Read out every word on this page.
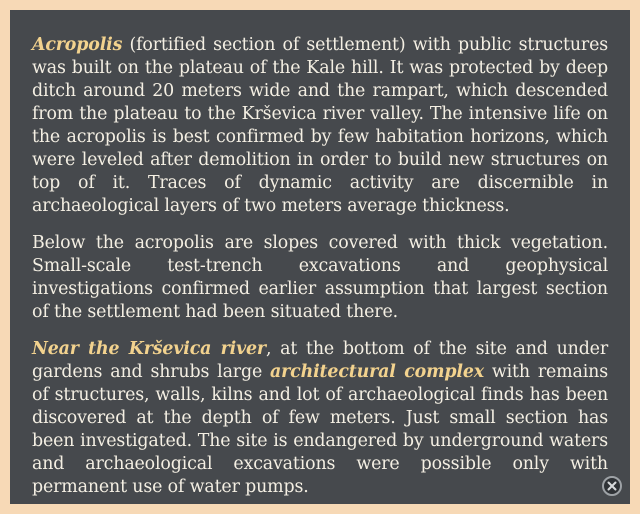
Acropolis (fortified section of settlement) with public structures was built on the plateau of the Kale hill. It was protected by deep ditch around 20 meters wide and the rampart, which descended from the plateau to the Krševica river valley. The intensive life on the acropolis is best confirmed by few habitation horizons, which were leveled after demolition in order to build new structures on top of it. Traces of dynamic activity are discernible in archaeological layers of two meters average thickness.

Below the acropolis are slopes covered with thick vegetation. Small-scale test-trench excavations and geophysical investigations confirmed earlier assumption that largest section of the settlement had been situated there.

Near the Krševica river, at the bottom of the site and under gardens and shrubs large architectural complex with remains of structures, walls, kilns and lot of archaeological finds has been discovered at the depth of few meters. Just small section has been investigated. The site is endangered by underground waters and archaeological excavations were possible only with permanent use of water pumps.
